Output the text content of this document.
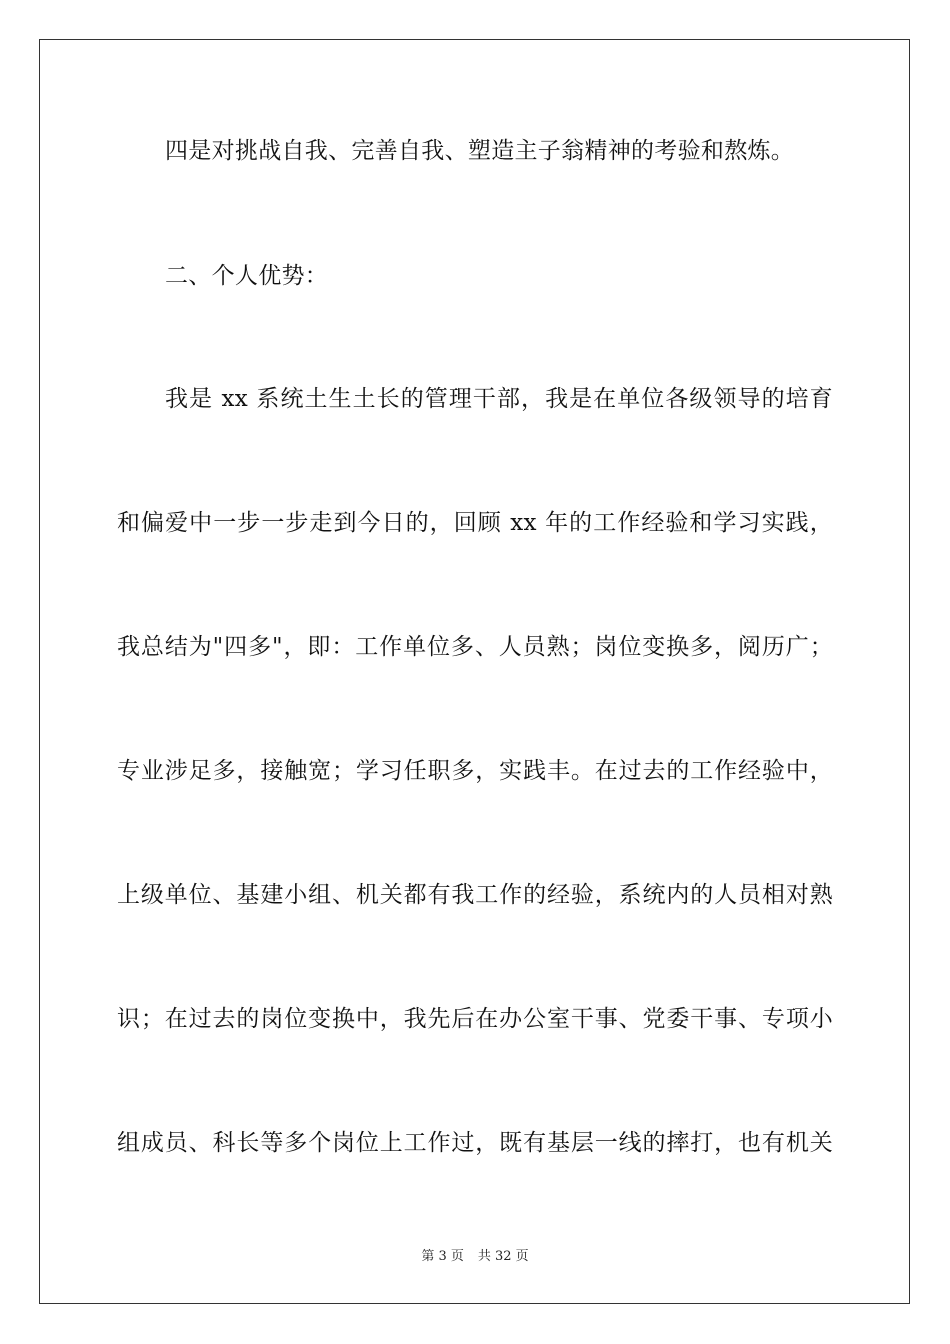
四是对挑战自我、完善自我、塑造主子翁精神的考验和熬炼。
二、个人优势：
我是 xx 系统土生土长的管理干部，我是在单位各级领导的培育
和偏爱中一步一步走到今日的，回顾 xx 年的工作经验和学习实践，
我总结为"四多"，即：工作单位多、人员熟；岗位变换多，阅历广；
专业涉足多，接触宽；学习任职多，实践丰。在过去的工作经验中，
上级单位、基建小组、机关都有我工作的经验，系统内的人员相对熟
识；在过去的岗位变换中，我先后在办公室干事、党委干事、专项小
组成员、科长等多个岗位上工作过，既有基层一线的摔打，也有机关
第 3 页 共 32 页
